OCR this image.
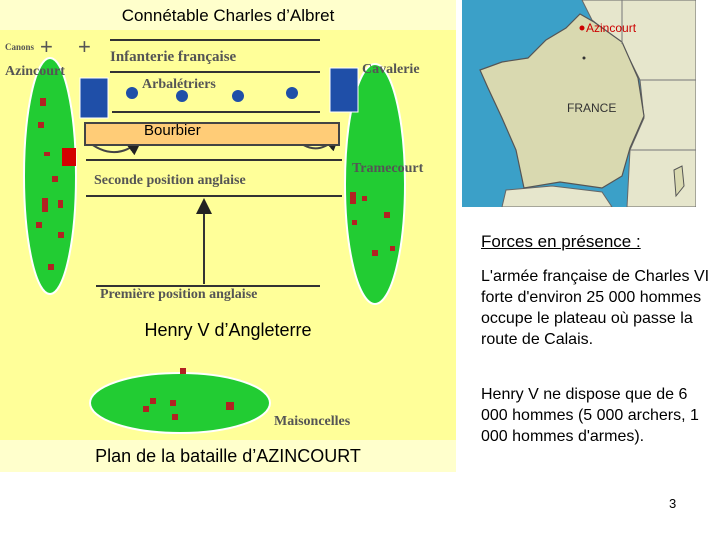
+ +
Connétable Charles d’Albret
Canons
Azincourt
Infanterie française
Arbalétriers
Cavalerie
Bourbier
Tramecourt
Seconde position anglaise
Première position anglaise
Henry V d’Angleterre
Maisoncelles
Plan de la bataille d’AZINCOURT
Azincourt
FRANCE
Forces en présence :
L'armée française de Charles VI forte d'environ 25 000 hommes occupe le plateau où passe la route de Calais.
Henry V ne dispose que de 6 000 hommes (5 000 archers, 1 000 hommes d'armes).
3
